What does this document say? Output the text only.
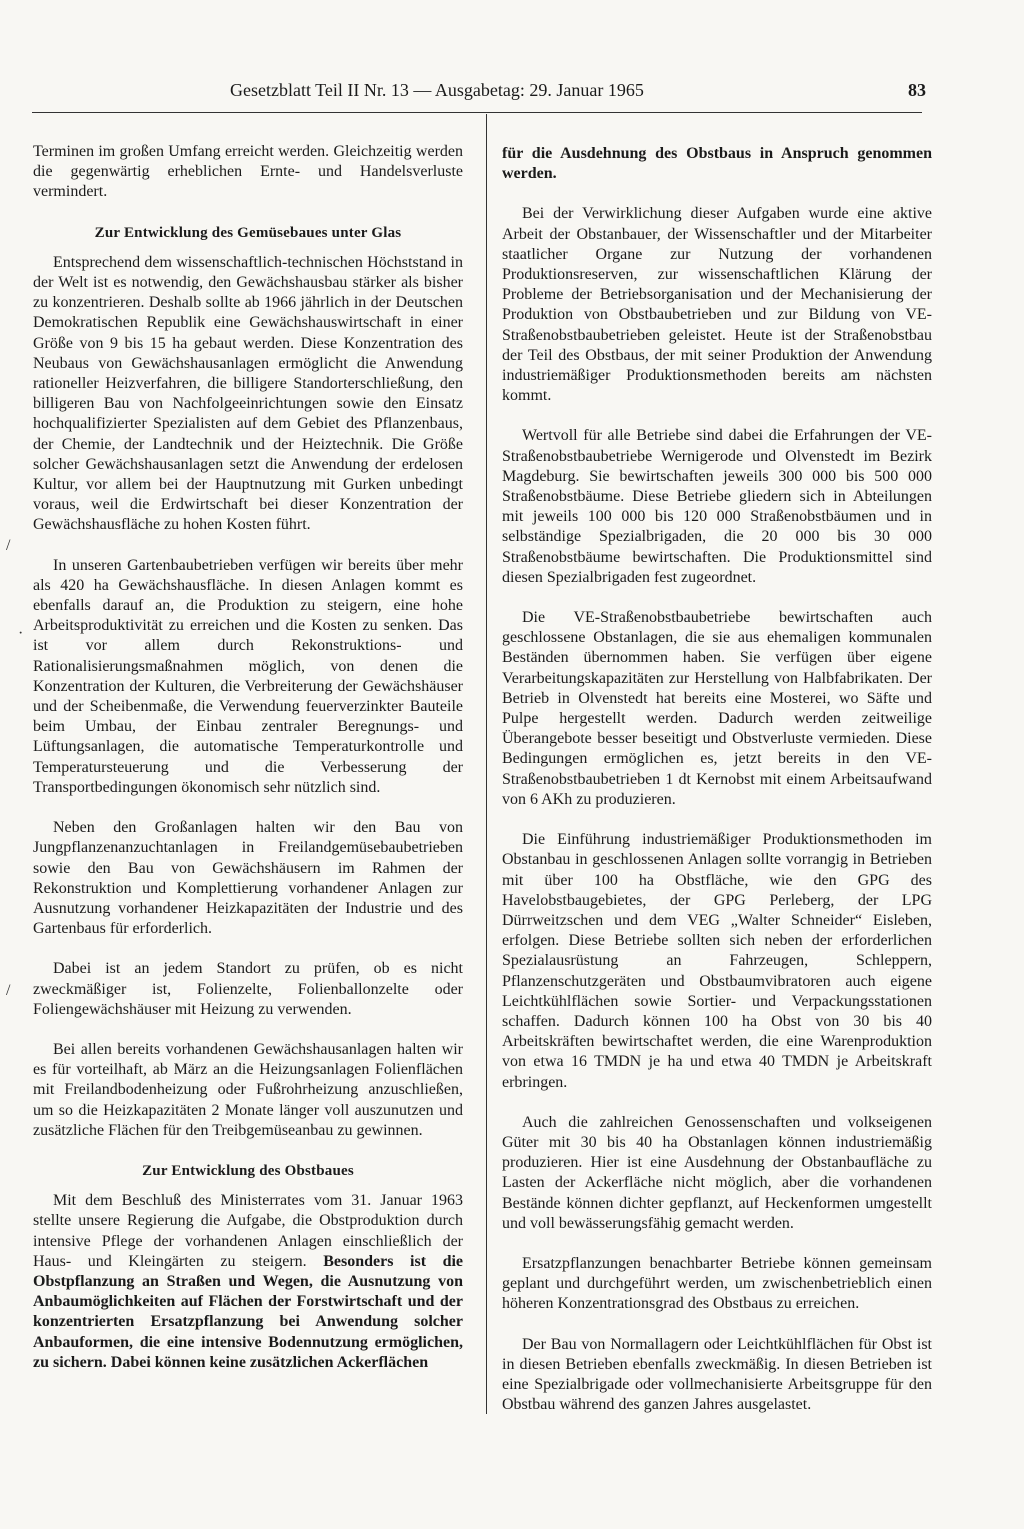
Gesetzblatt Teil II Nr. 13 — Ausgabetag: 29. Januar 1965	83
/
·
/

Terminen im großen Umfang erreicht werden. Gleichzeitig werden die gegenwärtig erheblichen Ernte- und Handelsverluste vermindert.

Zur Entwicklung des Gemüsebaues unter Glas

Entsprechend dem wissenschaftlich-technischen Höchststand in der Welt ist es notwendig, den Gewächshausbau stärker als bisher zu konzentrieren. Deshalb sollte ab 1966 jährlich in der Deutschen Demokratischen Republik eine Gewächshauswirtschaft in einer Größe von 9 bis 15 ha gebaut werden. Diese Konzentration des Neubaus von Gewächshausanlagen ermöglicht die Anwendung rationeller Heizverfahren, die billigere Standorterschließung, den billigeren Bau von Nachfolgeeinrichtungen sowie den Einsatz hochqualifizierter Spezialisten auf dem Gebiet des Pflanzenbaus, der Chemie, der Landtechnik und der Heiztechnik. Die Größe solcher Gewächshausanlagen setzt die Anwendung der erdelosen Kultur, vor allem bei der Hauptnutzung mit Gurken unbedingt voraus, weil die Erdwirtschaft bei dieser Konzentration der Gewächshausfläche zu hohen Kosten führt.

In unseren Gartenbaubetrieben verfügen wir bereits über mehr als 420 ha Gewächshausfläche. In diesen Anlagen kommt es ebenfalls darauf an, die Produktion zu steigern, eine hohe Arbeitsproduktivität zu erreichen und die Kosten zu senken. Das ist vor allem durch Rekonstruktions- und Rationalisierungsmaßnahmen möglich, von denen die Konzentration der Kulturen, die Verbreiterung der Gewächshäuser und der Scheibenmaße, die Verwendung feuerverzinkter Bauteile beim Umbau, der Einbau zentraler Beregnungs- und Lüftungsanlagen, die automatische Temperaturkontrolle und Temperatursteuerung und die Verbesserung der Transportbedingungen ökonomisch sehr nützlich sind.

Neben den Großanlagen halten wir den Bau von Jungpflanzenanzuchtanlagen in Freilandgemüsebaubetrieben sowie den Bau von Gewächshäusern im Rahmen der Rekonstruktion und Komplettierung vorhandener Anlagen zur Ausnutzung vorhandener Heizkapazitäten der Industrie und des Gartenbaus für erforderlich.

Dabei ist an jedem Standort zu prüfen, ob es nicht zweckmäßiger ist, Folienzelte, Folienballonzelte oder Foliengewächshäuser mit Heizung zu verwenden.

Bei allen bereits vorhandenen Gewächshausanlagen halten wir es für vorteilhaft, ab März an die Heizungsanlagen Folienflächen mit Freilandbodenheizung oder Fußrohrheizung anzuschließen, um so die Heizkapazitäten 2 Monate länger voll auszunutzen und zusätzliche Flächen für den Treibgemüseanbau zu gewinnen.

Zur Entwicklung des Obstbaues

Mit dem Beschluß des Ministerrates vom 31. Januar 1963 stellte unsere Regierung die Aufgabe, die Obstproduktion durch intensive Pflege der vorhandenen Anlagen einschließlich der Haus- und Kleingärten zu steigern. Besonders ist die Obstpflanzung an Straßen und Wegen, die Ausnutzung von Anbaumöglichkeiten auf Flächen der Forstwirtschaft und der konzentrierten Ersatzpflanzung bei Anwendung solcher Anbauformen, die eine intensive Bodennutzung ermöglichen, zu sichern. Dabei können keine zusätzlichen Ackerflächen

für die Ausdehnung des Obstbaus in Anspruch genommen werden.

Bei der Verwirklichung dieser Aufgaben wurde eine aktive Arbeit der Obstanbauer, der Wissenschaftler und der Mitarbeiter staatlicher Organe zur Nutzung der vorhandenen Produktionsreserven, zur wissenschaftlichen Klärung der Probleme der Betriebsorganisation und der Mechanisierung der Produktion von Obstbaubetrieben und zur Bildung von VE-Straßenobstbaubetrieben geleistet. Heute ist der Straßenobstbau der Teil des Obstbaus, der mit seiner Produktion der Anwendung industriemäßiger Produktionsmethoden bereits am nächsten kommt.

Wertvoll für alle Betriebe sind dabei die Erfahrungen der VE-Straßenobstbaubetriebe Wernigerode und Olvenstedt im Bezirk Magdeburg. Sie bewirtschaften jeweils 300 000 bis 500 000 Straßenobstbäume. Diese Betriebe gliedern sich in Abteilungen mit jeweils 100 000 bis 120 000 Straßenobstbäumen und in selbständige Spezialbrigaden, die 20 000 bis 30 000 Straßenobstbäume bewirtschaften. Die Produktionsmittel sind diesen Spezialbrigaden fest zugeordnet.

Die VE-Straßenobstbaubetriebe bewirtschaften auch geschlossene Obstanlagen, die sie aus ehemaligen kommunalen Beständen übernommen haben. Sie verfügen über eigene Verarbeitungskapazitäten zur Herstellung von Halbfabrikaten. Der Betrieb in Olvenstedt hat bereits eine Mosterei, wo Säfte und Pulpe hergestellt werden. Dadurch werden zeitweilige Überangebote besser beseitigt und Obstverluste vermieden. Diese Bedingungen ermöglichen es, jetzt bereits in den VE-Straßenobstbaubetrieben 1 dt Kernobst mit einem Arbeitsaufwand von 6 AKh zu produzieren.

Die Einführung industriemäßiger Produktionsmethoden im Obstanbau in geschlossenen Anlagen sollte vorrangig in Betrieben mit über 100 ha Obstfläche, wie den GPG des Havelobstbaugebietes, der GPG Perleberg, der LPG Dürrweitzschen und dem VEG „Walter Schneider“ Eisleben, erfolgen. Diese Betriebe sollten sich neben der erforderlichen Spezialausrüstung an Fahrzeugen, Schleppern, Pflanzenschutzgeräten und Obstbaumvibratoren auch eigene Leichtkühlflächen sowie Sortier- und Verpackungsstationen schaffen. Dadurch können 100 ha Obst von 30 bis 40 Arbeitskräften bewirtschaftet werden, die eine Warenproduktion von etwa 16 TMDN je ha und etwa 40 TMDN je Arbeitskraft erbringen.

Auch die zahlreichen Genossenschaften und volkseigenen Güter mit 30 bis 40 ha Obstanlagen können industriemäßig produzieren. Hier ist eine Ausdehnung der Obstanbaufläche zu Lasten der Ackerfläche nicht möglich, aber die vorhandenen Bestände können dichter gepflanzt, auf Heckenformen umgestellt und voll bewässerungsfähig gemacht werden.

Ersatzpflanzungen benachbarter Betriebe können gemeinsam geplant und durchgeführt werden, um zwischenbetrieblich einen höheren Konzentrationsgrad des Obstbaus zu erreichen.

Der Bau von Normallagern oder Leichtkühlflächen für Obst ist in diesen Betrieben ebenfalls zweckmäßig. In diesen Betrieben ist eine Spezialbrigade oder vollmechanisierte Arbeitsgruppe für den Obstbau während des ganzen Jahres ausgelastet.
